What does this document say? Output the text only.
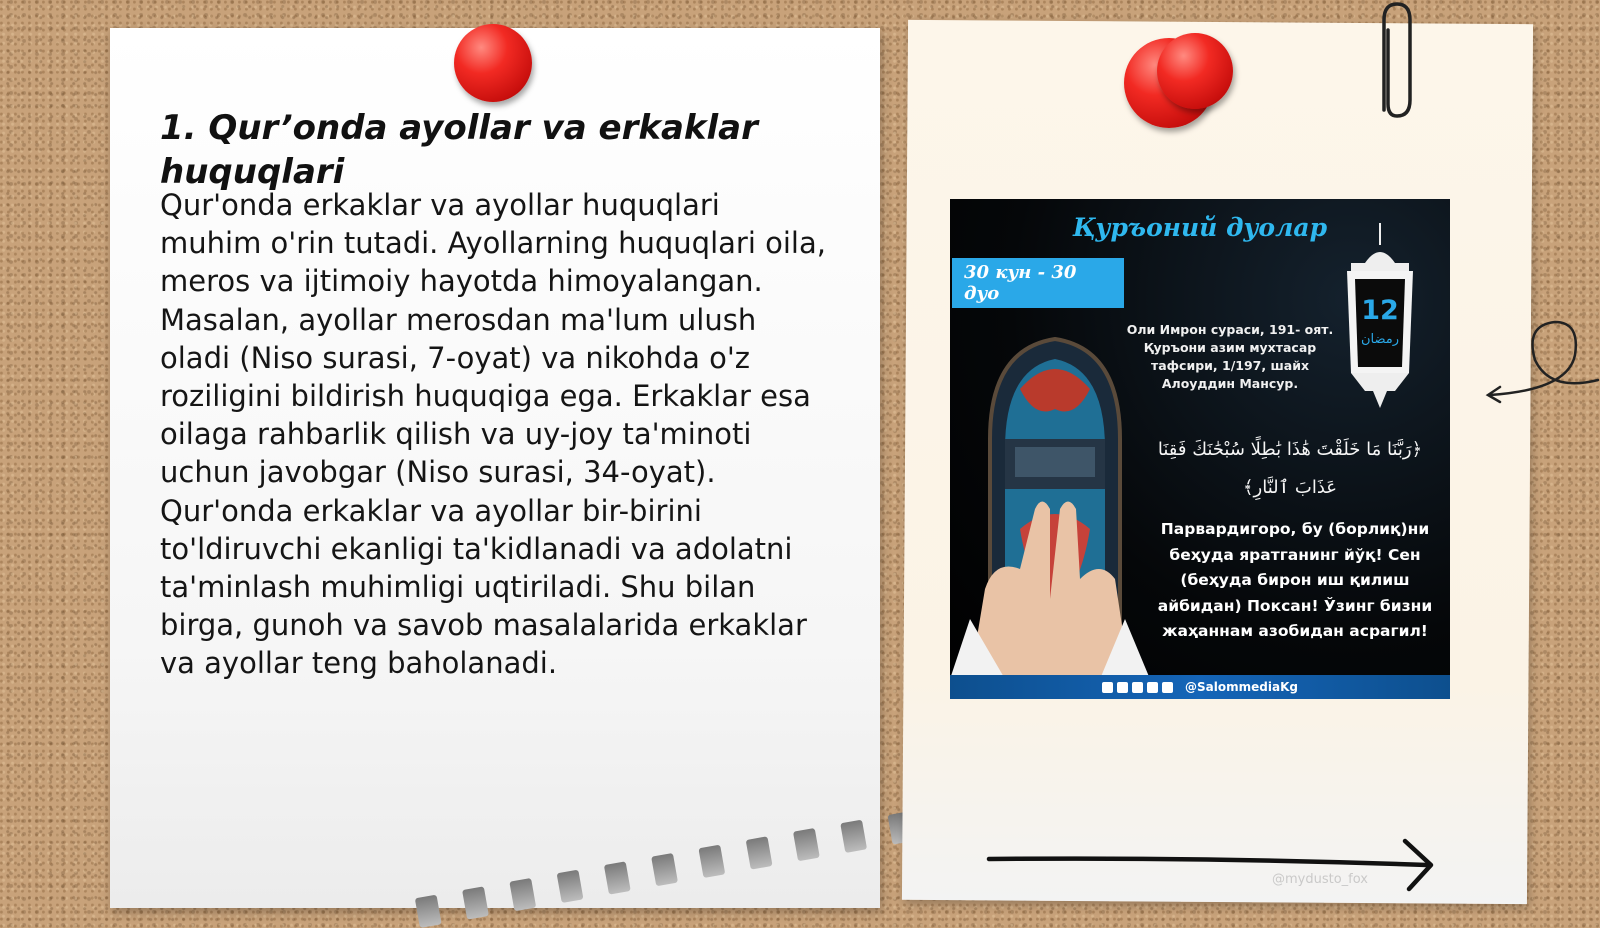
1. Qur’onda ayollar va erkaklar huquqlari

Qur'onda erkaklar va ayollar huquqlari muhim o'rin tutadi. Ayollarning huquqlari oila, meros va ijtimoiy hayotda himoyalangan. Masalan, ayollar merosdan ma'lum ulush oladi (Niso surasi, 7-oyat) va nikohda o'z roziligini bildirish huquqiga ega. Erkaklar esa oilaga rahbarlik qilish va uy-joy ta'minoti uchun javobgar (Niso surasi, 34-oyat). Qur'onda erkaklar va ayollar bir-birini to'ldiruvchi ekanligi ta'kidlanadi va adolatni ta'minlash muhimligi uqtiriladi. Shu bilan birga, gunoh va savob masalalarida erkaklar va ayollar teng baholanadi.

Қуръоний дуолар
30 кун - 30 дуо
12
رمضان
Оли Имрон сураси, 191- оят. Қуръони азим мухтасар тафсири, 1/197, шайх Алоуддин Мансур.
﴿رَبَّنَا مَا خَلَقْتَ هَٰذَا بَٰطِلًا سُبْحَٰنَكَ فَقِنَا عَذَابَ ٱلنَّارِ﴾
Парвардигоро, бу (борлиқ)ни беҳуда яратганинг йўқ! Сен (беҳуда бирон иш қилиш айбидан) Поксан! Ўзинг бизни жаҳаннам азобидан асрагил!
@SalommediaKg
@mydusto_fox
